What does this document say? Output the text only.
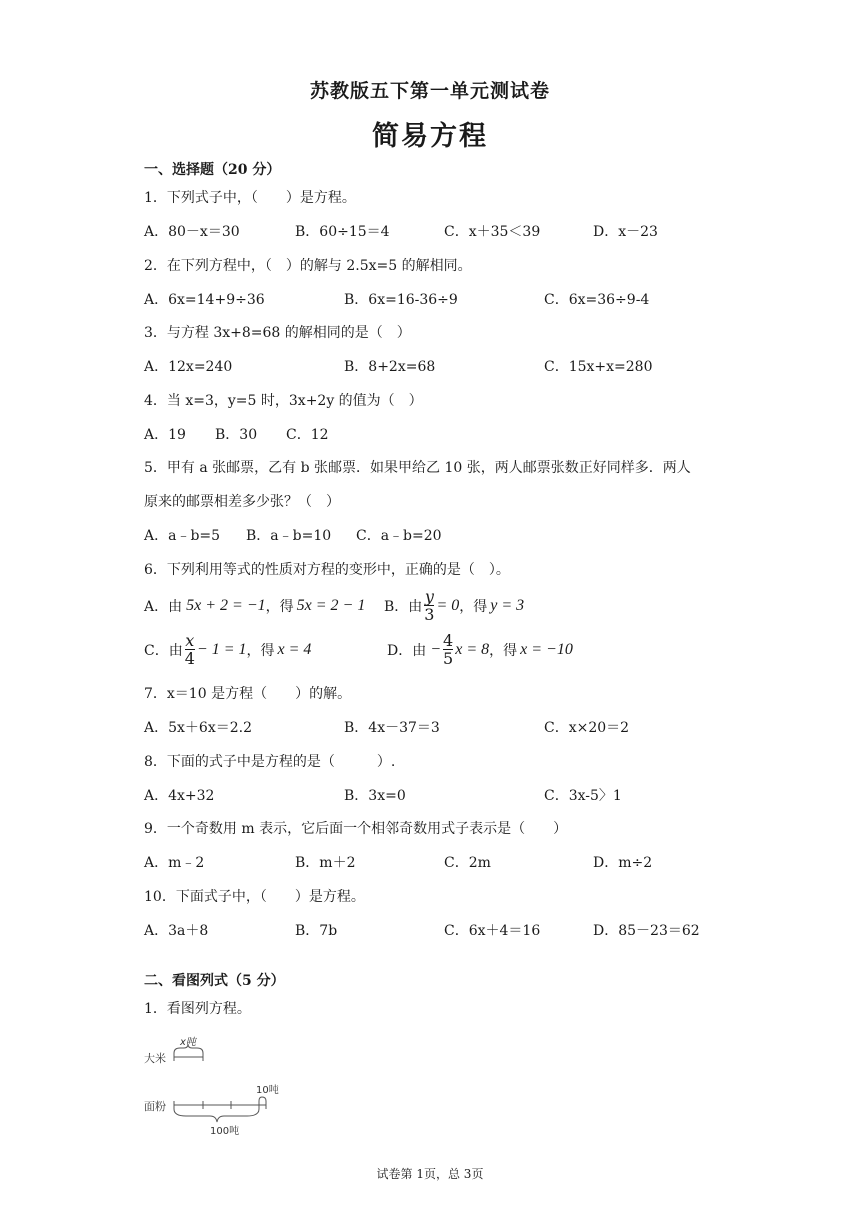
苏教版五下第一单元测试卷
简易方程
一、选择题（20 分）
1．下列式子中，（　　）是方程。
A．80－x＝30	B．60÷15＝4	C．x＋35＜39	D．x－23
2．在下列方程中，（　）的解与 2.5x=5 的解相同。
A．6x=14+9÷36	B．6x=16-36÷9	C．6x=36÷9-4
3．与方程 3x+8=68 的解相同的是（　）
A．12x=240	B．8+2x=68	C．15x+x=280
4．当 x=3，y=5 时，3x+2y 的值为（　）
A．19 B．30 C．12
5．甲有 a 张邮票，乙有 b 张邮票．如果甲给乙 10 张，两人邮票张数正好同样多．两人
原来的邮票相差多少张？（　）
A．a﹣b=5 B．a﹣b=10 C．a﹣b=20
6．下列利用等式的性质对方程的变形中，正确的是（　）。
A．由 5x + 2 = −1 ，得 5x = 2 − 1 B．由 $\frac{y}{3} = 0$ ，得 y = 3
C．由 $\frac{x}{4} - 1 = 1$ ，得 x = 4	D．由 − $\frac{4}{5}$ x = 8 ，得 x = −10
7．x＝10 是方程（　　）的解。
A．5x＋6x＝2.2	B．4x－37＝3	C．x×20＝2
8．下面的式子中是方程的是（　　　）.
A．4x+32	B．3x=0	C．3x-5〉1
9．一个奇数用 m 表示，它后面一个相邻奇数用式子表示是（　　）
A．m﹣2	B．m＋2	C．2m	D．m÷2
10．下面式子中，（　　）是方程。
A．3a＋8	B．7b	C．6x＋4＝16	D．85－23＝62
二、看图列式（5 分）
1．看图列方程。
大米
x吨
面粉
10吨
100吨
试卷第 1页，总 3页
